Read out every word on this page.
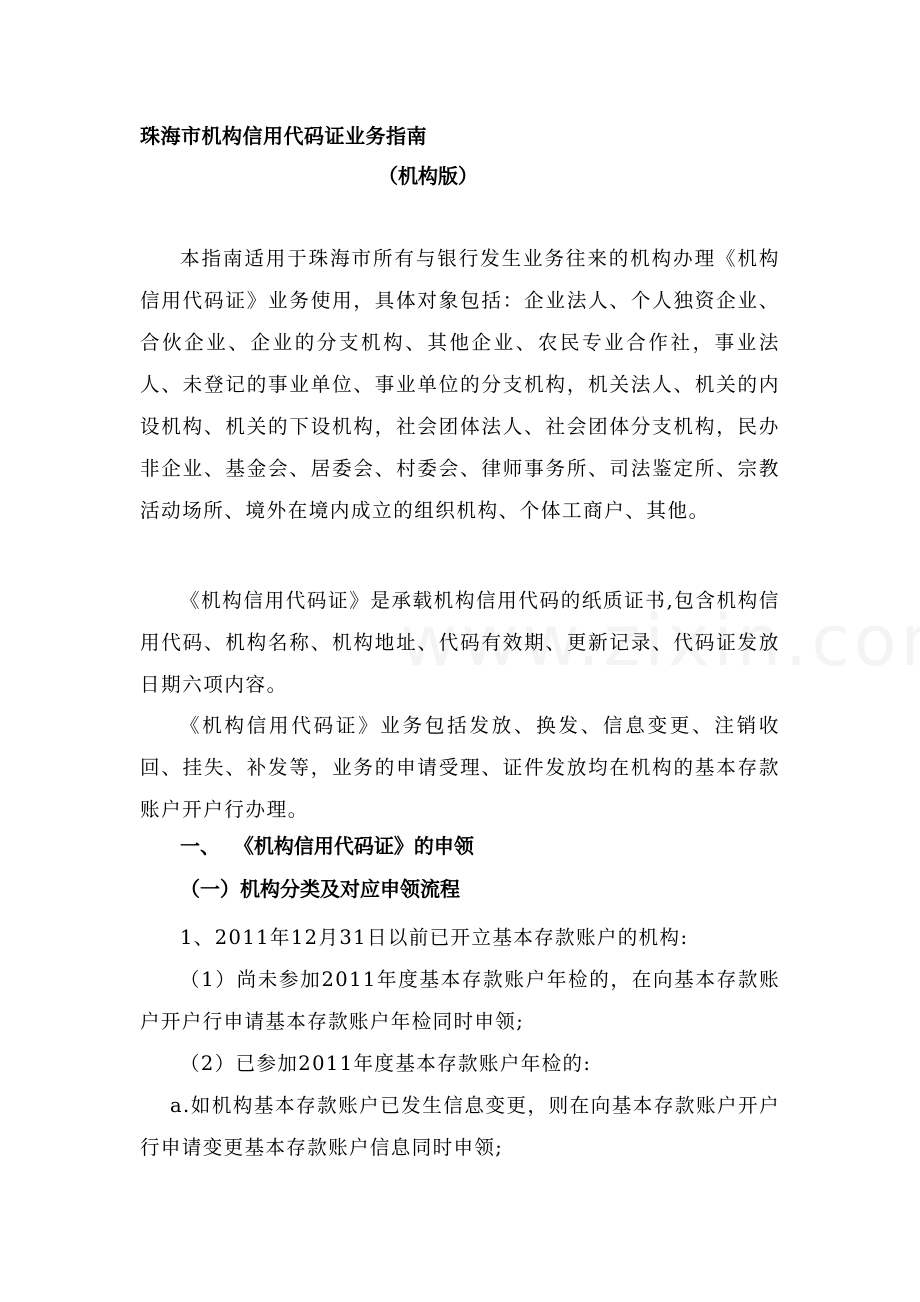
珠海市机构信用代码证业务指南
（机构版）

本指南适用于珠海市所有与银行发生业务往来的机构办理《机构信用代码证》业务使用，具体对象包括：企业法人、个人独资企业、合伙企业、企业的分支机构、其他企业、农民专业合作社，事业法人、未登记的事业单位、事业单位的分支机构，机关法人、机关的内设机构、机关的下设机构，社会团体法人、社会团体分支机构，民办非企业、基金会、居委会、村委会、律师事务所、司法鉴定所、宗教活动场所、境外在境内成立的组织机构、个体工商户、其他。

《机构信用代码证》是承载机构信用代码的纸质证书,包含机构信用代码、机构名称、机构地址、代码有效期、更新记录、代码证发放日期六项内容。

《机构信用代码证》业务包括发放、换发、信息变更、注销收回、挂失、补发等，业务的申请受理、证件发放均在机构的基本存款账户开户行办理。

一、  《机构信用代码证》的申领
（一）机构分类及对应申领流程

1、2011年12月31日以前已开立基本存款账户的机构:

（1）尚未参加2011年度基本存款账户年检的，在向基本存款账户开户行申请基本存款账户年检同时申领;

（2）已参加2011年度基本存款账户年检的:

a.如机构基本存款账户已发生信息变更，则在向基本存款账户开户行申请变更基本存款账户信息同时申领;
